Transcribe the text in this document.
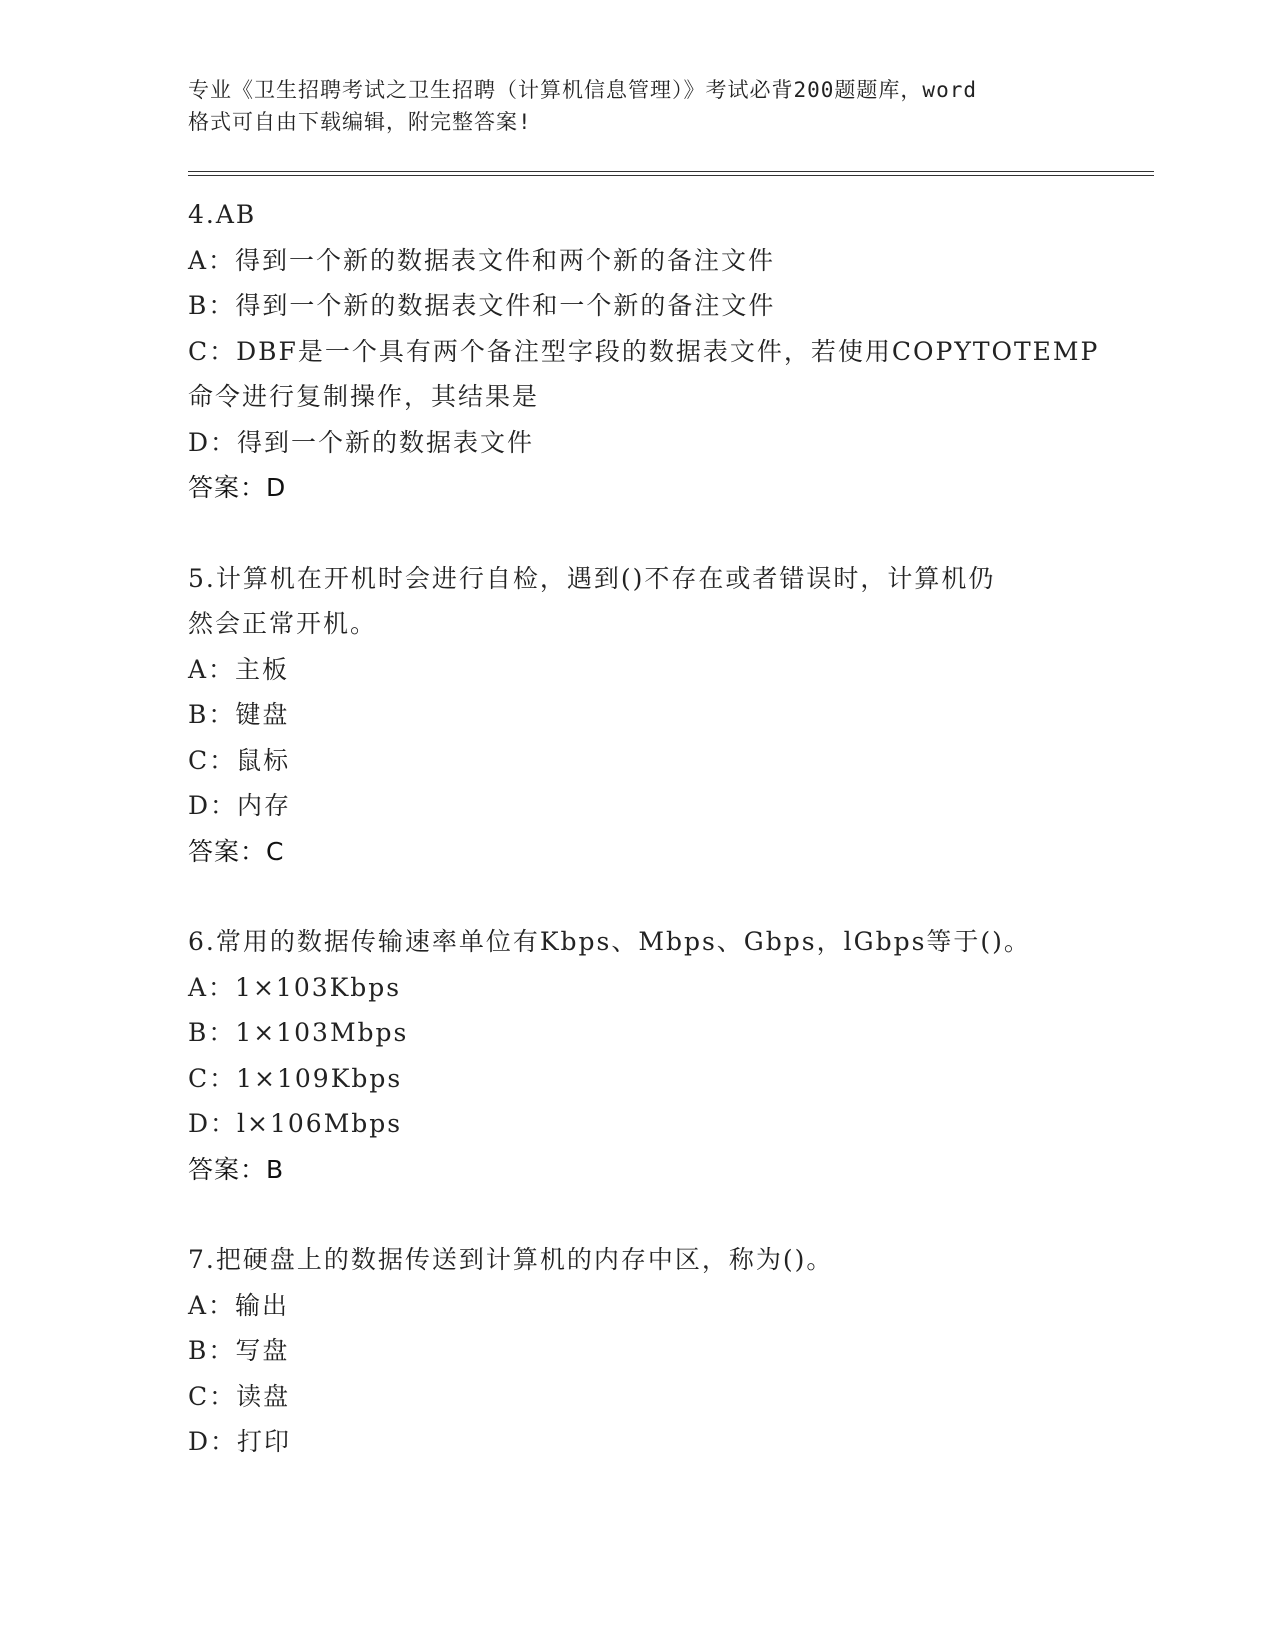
专业《卫生招聘考试之卫生招聘（计算机信息管理）》考试必背200题题库，word
格式可自由下载编辑，附完整答案!
4.AB
A：得到一个新的数据表文件和两个新的备注文件
B：得到一个新的数据表文件和一个新的备注文件
C：DBF是一个具有两个备注型字段的数据表文件，若使用COPYTOTEMP
命令进行复制操作，其结果是
D：得到一个新的数据表文件
答案：D
5.计算机在开机时会进行自检，遇到()不存在或者错误时，计算机仍
然会正常开机。
A：主板
B：键盘
C：鼠标
D：内存
答案：C
6.常用的数据传输速率单位有Kbps、Mbps、Gbps，lGbps等于()。
A：1×103Kbps
B：1×103Mbps
C：1×109Kbps
D：l×106Mbps
答案：B
7.把硬盘上的数据传送到计算机的内存中区，称为()。
A：输出
B：写盘
C：读盘
D：打印
